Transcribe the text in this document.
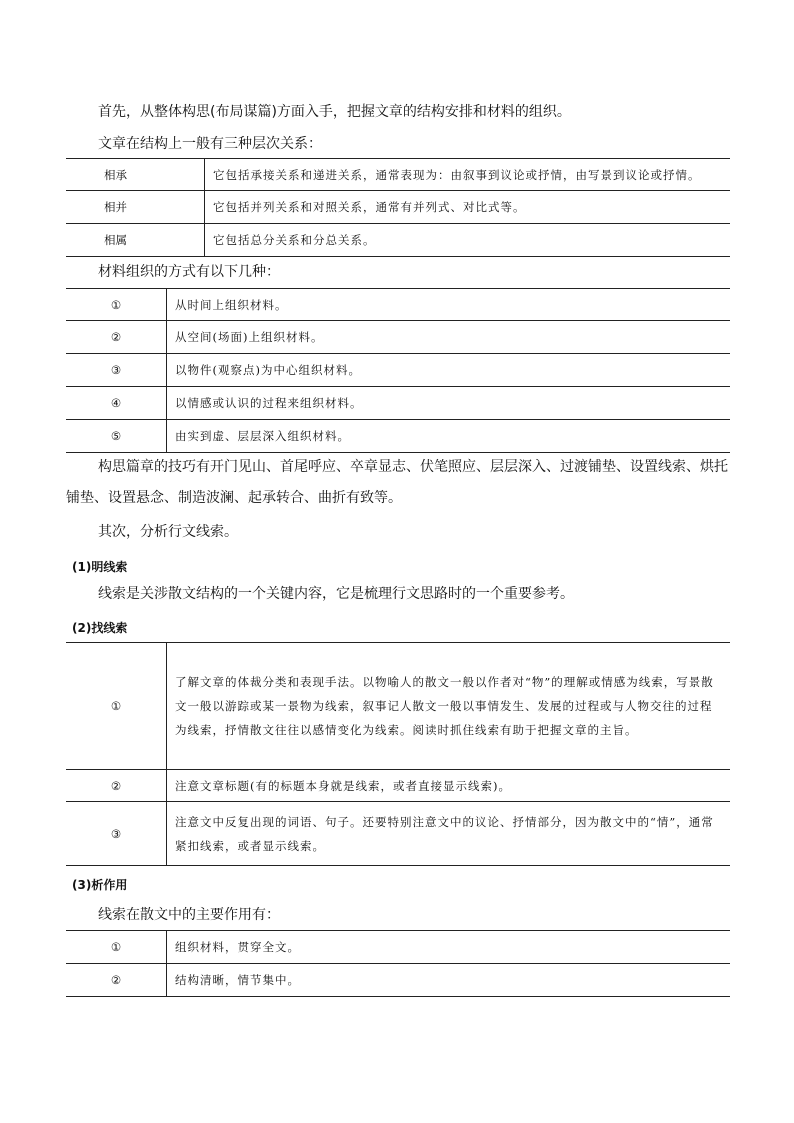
首先，从整体构思(布局谋篇)方面入手，把握文章的结构安排和材料的组织。
文章在结构上一般有三种层次关系：
相承	它包括承接关系和递进关系，通常表现为：由叙事到议论或抒情，由写景到议论或抒情。
相并	它包括并列关系和对照关系，通常有并列式、对比式等。
相属	它包括总分关系和分总关系。
材料组织的方式有以下几种：
①	从时间上组织材料。
②	从空间(场面)上组织材料。
③	以物件(观察点)为中心组织材料。
④	以情感或认识的过程来组织材料。
⑤	由实到虚、层层深入组织材料。
构思篇章的技巧有开门见山、首尾呼应、卒章显志、伏笔照应、层层深入、过渡铺垫、设置线索、烘托铺垫、设置悬念、制造波澜、起承转合、曲折有致等。
其次，分析行文线索。
(1)明线索
线索是关涉散文结构的一个关键内容，它是梳理行文思路时的一个重要参考。
(2)找线索
①	了解文章的体裁分类和表现手法。以物喻人的散文一般以作者对“物”的理解或情感为线索，写景散文一般以游踪或某一景物为线索，叙事记人散文一般以事情发生、发展的过程或与人物交往的过程为线索，抒情散文往往以感情变化为线索。阅读时抓住线索有助于把握文章的主旨。
②	注意文章标题(有的标题本身就是线索，或者直接显示线索)。
③	注意文中反复出现的词语、句子。还要特别注意文中的议论、抒情部分，因为散文中的“情”，通常紧扣线索，或者显示线索。
(3)析作用
线索在散文中的主要作用有：
①	组织材料，贯穿全文。
②	结构清晰，情节集中。
